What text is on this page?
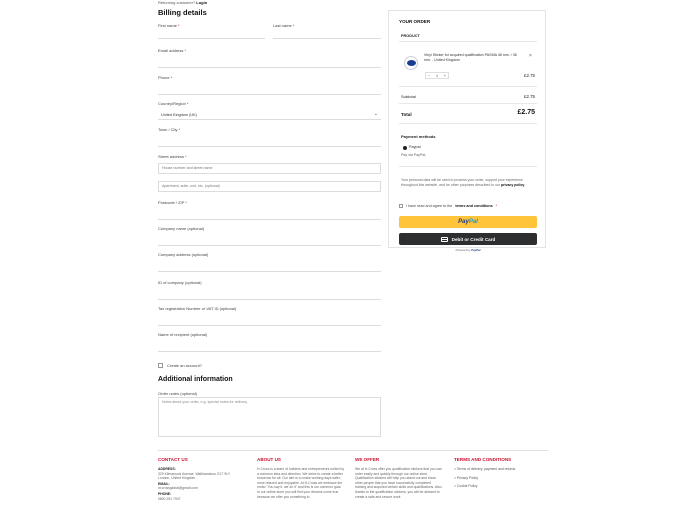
Returning customer? Login
Billing details
First name *	Last name *
Email address *
Phone *
Country/Region *
United Kingdom (UK)	⌄
Town / City *
Street address *
House number and street name
Apartment, suite, unit, etc. (optional)
Postcode / ZIP *
Company name (optional)
Company address (optional)
ID of company (optional)
Tax registration Number or VAT ID (optional)
Name of recipient (optional)
Create an account?
Additional information
Order notes (optional)
Notes about your order, e.g. special notes for delivery.
YOUR ORDER
PRODUCT
Vinyl Sticker for acquired qualification PASMA 48 mm. / 36 mm. - United Kingdom
×
− 1 +	£2.75
Subtotal	£2.75
Total	£2.75
Payment methods
Paypal
Pay via PayPal;
Your personal data will be used to process your order, support your experience throughout this website, and for other purposes described in our privacy policy.
I have read and agree to the terms and conditions *
Pay Pal
Debit or Credit Card
Powered by PayPal
CONTACT US
ADDRESS:
329 Kilmarnock Avenue, Walthamstow, E17 9LY London, United Kingdom
EMAIL:
hr.crossglobal@gmail.com
PHONE:
0800 291 7947
ABOUT US
H-Cross is a team of builders and entrepreneurs united by a common idea and direction. We strive to create a better tomorrow for all. Our aim is to make working days safer, more relaxed and enjoyable. At H-Cross we embrace the motto "You say it, we do it" and this is our common goal. In our online store you will find your dreams come true because we offer you something to
WE OFFER
We at H-Cross offer you qualification stickers that you can order easily and quickly through our online store. Qualification stickers will help you stand out and show other people that you have successfully completed training and acquired certain skills and qualifications. Also, thanks to the qualification stickers, you will be allowed to create a safe and secure work
TERMS AND CONDITIONS
> Terms of delivery, payment and returns
> Privacy Policy
> Cookie Policy
